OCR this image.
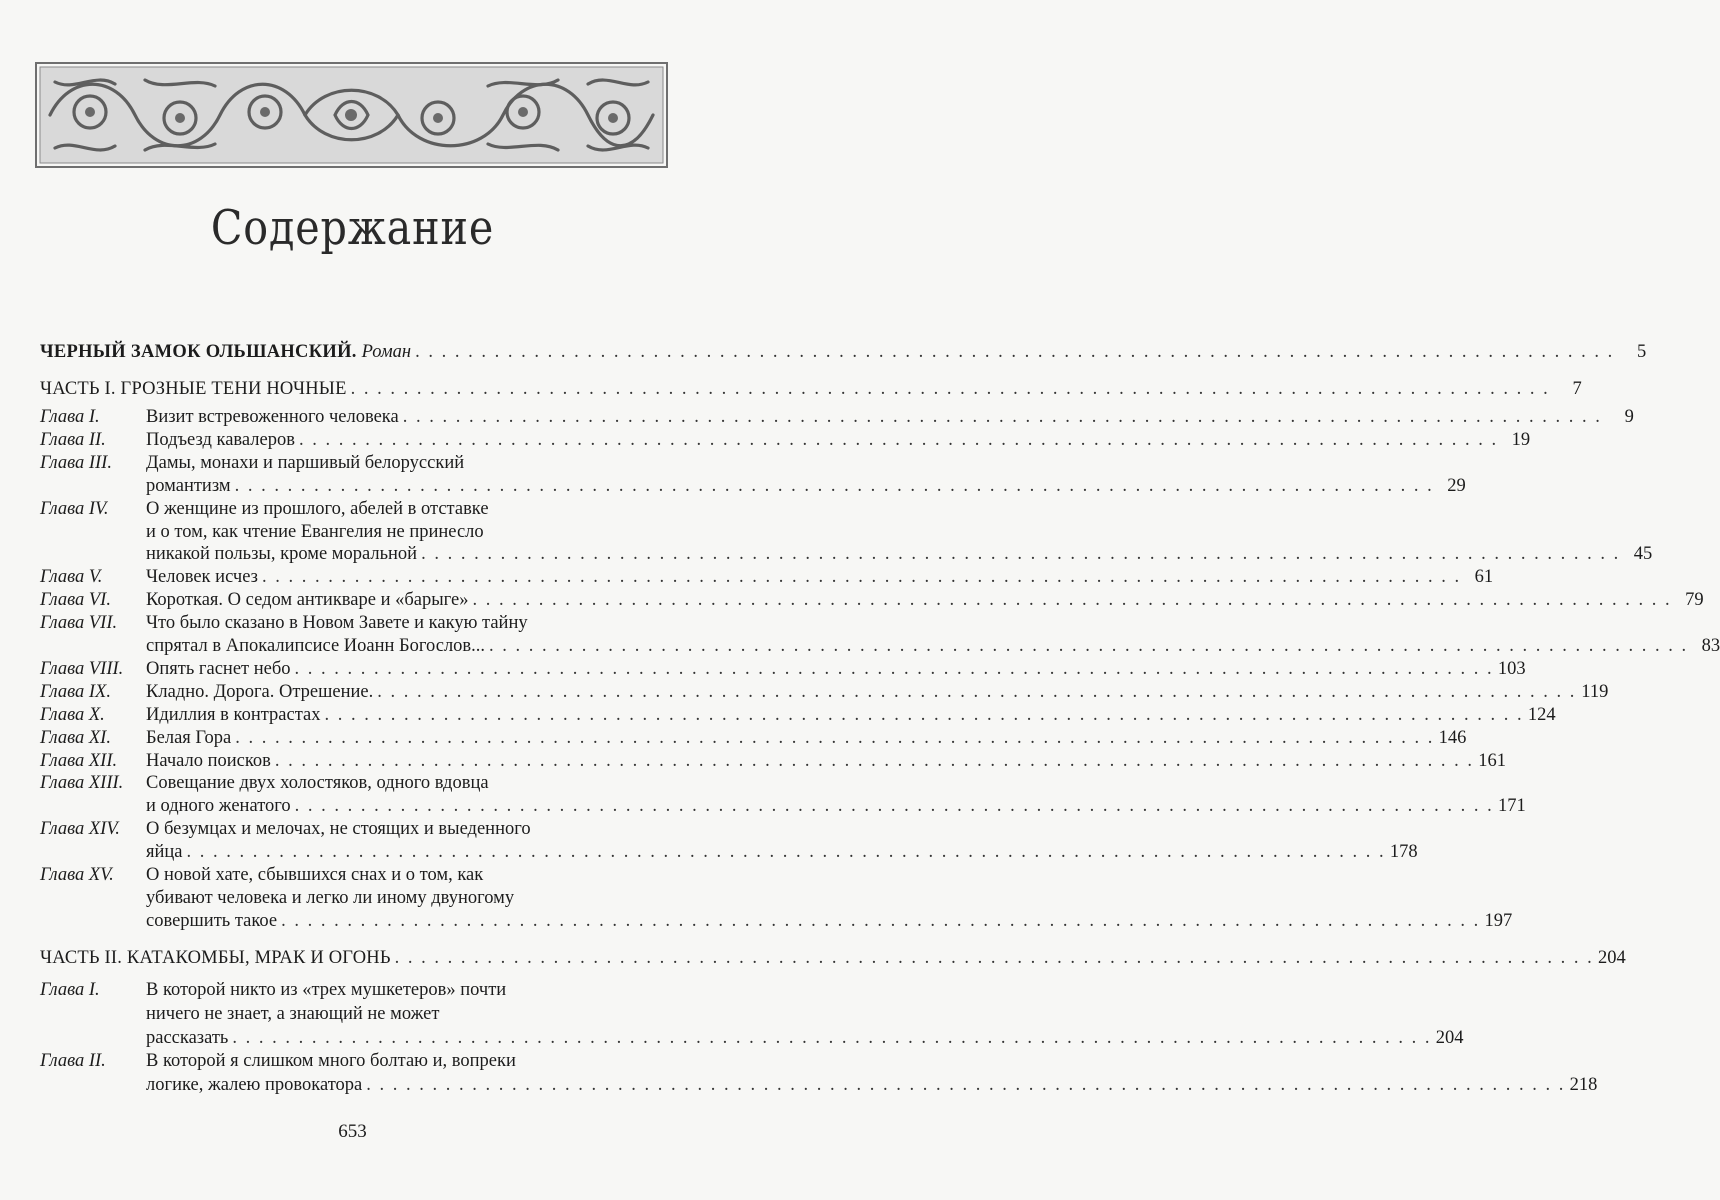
Содержание
ЧЕРНЫЙ ЗАМОК ОЛЬШАНСКИЙ. Роман . . . . . . . . . . . . . . . . . . . . . . . . . . . . . . . . . . . . . . . . . . . . . . . . . . . . . . . . . . . . . . . . . . . . . . . . . . . . . . . . . . . . . . . . . . .	5
ЧАСТЬ I. ГРОЗНЫЕ ТЕНИ НОЧНЫЕ . . . . . . . . . . . . . . . . . . . . . . . . . . . . . . . . . . . . . . . . . . . . . . . . . . . . . . . . . . . . . . . . . . . . . . . . . . . . . . . . . . . . . . . . . . .	7
Глава I.	Визит встревоженного человека . . . . . . . . . . . . . . . . . . . . . . . . . . . . . . . . . . . . . . . . . . . . . . . . . . . . . . . . . . . . . . . . . . . . . . . . . . . . . . . . . . . . . . . . . . .	9
Глава II.	Подъезд кавалеров . . . . . . . . . . . . . . . . . . . . . . . . . . . . . . . . . . . . . . . . . . . . . . . . . . . . . . . . . . . . . . . . . . . . . . . . . . . . . . . . . . . . . . . . . . . 19
Глава III.	Дамы, монахи и паршивый белорусский
романтизм . . . . . . . . . . . . . . . . . . . . . . . . . . . . . . . . . . . . . . . . . . . . . . . . . . . . . . . . . . . . . . . . . . . . . . . . . . . . . . . . . . . . . . . . . . . 29
Глава IV.	О женщине из прошлого, абелей в отставке
и о том, как чтение Евангелия не принесло
никакой пользы, кроме моральной . . . . . . . . . . . . . . . . . . . . . . . . . . . . . . . . . . . . . . . . . . . . . . . . . . . . . . . . . . . . . . . . . . . . . . . . . . . . . . . . . . . . . . . . . . . 45
Глава V.	Человек исчез . . . . . . . . . . . . . . . . . . . . . . . . . . . . . . . . . . . . . . . . . . . . . . . . . . . . . . . . . . . . . . . . . . . . . . . . . . . . . . . . . . . . . . . . . . . 61
Глава VI.	Короткая. О седом антикваре и «барыге» . . . . . . . . . . . . . . . . . . . . . . . . . . . . . . . . . . . . . . . . . . . . . . . . . . . . . . . . . . . . . . . . . . . . . . . . . . . . . . . . . . . . . . . . . . . 79
Глава VII.	Что было сказано в Новом Завете и какую тайну
спрятал в Апокалипсисе Иоанн Богослов... . . . . . . . . . . . . . . . . . . . . . . . . . . . . . . . . . . . . . . . . . . . . . . . . . . . . . . . . . . . . . . . . . . . . . . . . . . . . . . . . . . . . . . . . . . . 83
Глава VIII.	Опять гаснет небо . . . . . . . . . . . . . . . . . . . . . . . . . . . . . . . . . . . . . . . . . . . . . . . . . . . . . . . . . . . . . . . . . . . . . . . . . . . . . . . . . . . . . . . . . . . 103
Глава IX.	Кладно. Дорога. Отрешение. . . . . . . . . . . . . . . . . . . . . . . . . . . . . . . . . . . . . . . . . . . . . . . . . . . . . . . . . . . . . . . . . . . . . . . . . . . . . . . . . . . . . . . . . . . . 119
Глава X.	Идиллия в контрастах . . . . . . . . . . . . . . . . . . . . . . . . . . . . . . . . . . . . . . . . . . . . . . . . . . . . . . . . . . . . . . . . . . . . . . . . . . . . . . . . . . . . . . . . . . . 124
Глава XI.	Белая Гора . . . . . . . . . . . . . . . . . . . . . . . . . . . . . . . . . . . . . . . . . . . . . . . . . . . . . . . . . . . . . . . . . . . . . . . . . . . . . . . . . . . . . . . . . . . 146
Глава XII.	Начало поисков . . . . . . . . . . . . . . . . . . . . . . . . . . . . . . . . . . . . . . . . . . . . . . . . . . . . . . . . . . . . . . . . . . . . . . . . . . . . . . . . . . . . . . . . . . . 161
Глава XIII.	Совещание двух холостяков, одного вдовца
и одного женатого . . . . . . . . . . . . . . . . . . . . . . . . . . . . . . . . . . . . . . . . . . . . . . . . . . . . . . . . . . . . . . . . . . . . . . . . . . . . . . . . . . . . . . . . . . . 171
Глава XIV.	О безумцах и мелочах, не стоящих и выеденного
яйца . . . . . . . . . . . . . . . . . . . . . . . . . . . . . . . . . . . . . . . . . . . . . . . . . . . . . . . . . . . . . . . . . . . . . . . . . . . . . . . . . . . . . . . . . . . 178
Глава XV.	О новой хате, сбывшихся снах и о том, как
убивают человека и легко ли иному двуногому
совершить такое . . . . . . . . . . . . . . . . . . . . . . . . . . . . . . . . . . . . . . . . . . . . . . . . . . . . . . . . . . . . . . . . . . . . . . . . . . . . . . . . . . . . . . . . . . . 197
ЧАСТЬ II. КАТАКОМБЫ, МРАК И ОГОНЬ . . . . . . . . . . . . . . . . . . . . . . . . . . . . . . . . . . . . . . . . . . . . . . . . . . . . . . . . . . . . . . . . . . . . . . . . . . . . . . . . . . . . . . . . . . . 204
Глава I.	В которой никто из «трех мушкетеров» почти
ничего не знает, а знающий не может
рассказать . . . . . . . . . . . . . . . . . . . . . . . . . . . . . . . . . . . . . . . . . . . . . . . . . . . . . . . . . . . . . . . . . . . . . . . . . . . . . . . . . . . . . . . . . . . 204
Глава II.	В которой я слишком много болтаю и, вопреки
логике, жалею провокатора . . . . . . . . . . . . . . . . . . . . . . . . . . . . . . . . . . . . . . . . . . . . . . . . . . . . . . . . . . . . . . . . . . . . . . . . . . . . . . . . . . . . . . . . . . . 218
653
